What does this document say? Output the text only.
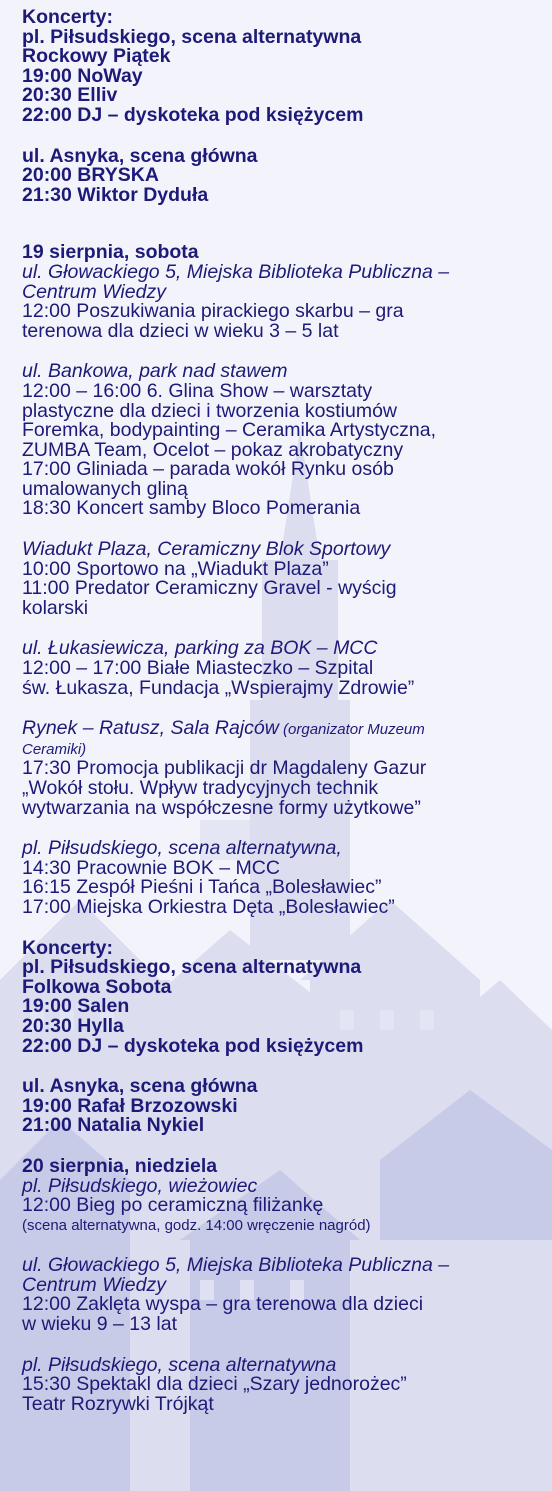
Koncerty:
pl. Piłsudskiego, scena alternatywna
Rockowy Piątek
19:00 NoWay
20:30 Elliv
22:00 DJ – dyskoteka pod księżycem
ul. Asnyka, scena główna
20:00 BRYSKA
21:30 Wiktor Dyduła
19 sierpnia, sobota
ul. Głowackiego 5, Miejska Biblioteka Publiczna –
Centrum Wiedzy
12:00 Poszukiwania pirackiego skarbu – gra
terenowa dla dzieci w wieku 3 – 5 lat
ul. Bankowa, park nad stawem
12:00 – 16:00 6. Glina Show – warsztaty
plastyczne dla dzieci i tworzenia kostiumów
Foremka, bodypainting – Ceramika Artystyczna,
ZUMBA Team, Ocelot – pokaz akrobatyczny
17:00 Gliniada – parada wokół Rynku osób
umalowanych gliną
18:30 Koncert samby Bloco Pomerania
Wiadukt Plaza, Ceramiczny Blok Sportowy
10:00 Sportowo na „Wiadukt Plaza”
11:00 Predator Ceramiczny Gravel - wyścig
kolarski
ul. Łukasiewicza, parking za BOK – MCC
12:00 – 17:00 Białe Miasteczko – Szpital
św. Łukasza, Fundacja „Wspierajmy Zdrowie”
Rynek – Ratusz, Sala Rajców (organizator Muzeum
Ceramiki)
17:30 Promocja publikacji dr Magdaleny Gazur
„Wokół stołu. Wpływ tradycyjnych technik
wytwarzania na współczesne formy użytkowe”
pl. Piłsudskiego, scena alternatywna,
14:30 Pracownie BOK – MCC
16:15 Zespół Pieśni i Tańca „Bolesławiec”
17:00 Miejska Orkiestra Dęta „Bolesławiec”
Koncerty:
pl. Piłsudskiego, scena alternatywna
Folkowa Sobota
19:00 Salen
20:30 Hylla
22:00 DJ – dyskoteka pod księżycem
ul. Asnyka, scena główna
19:00 Rafał Brzozowski
21:00 Natalia Nykiel
20 sierpnia, niedziela
pl. Piłsudskiego, wieżowiec
12:00 Bieg po ceramiczną filiżankę
(scena alternatywna, godz. 14:00 wręczenie nagród)
ul. Głowackiego 5, Miejska Biblioteka Publiczna –
Centrum Wiedzy
12:00 Zaklęta wyspa – gra terenowa dla dzieci
w wieku 9 – 13 lat
pl. Piłsudskiego, scena alternatywna
15:30 Spektakl dla dzieci „Szary jednorożec”
Teatr Rozrywki Trójkąt
